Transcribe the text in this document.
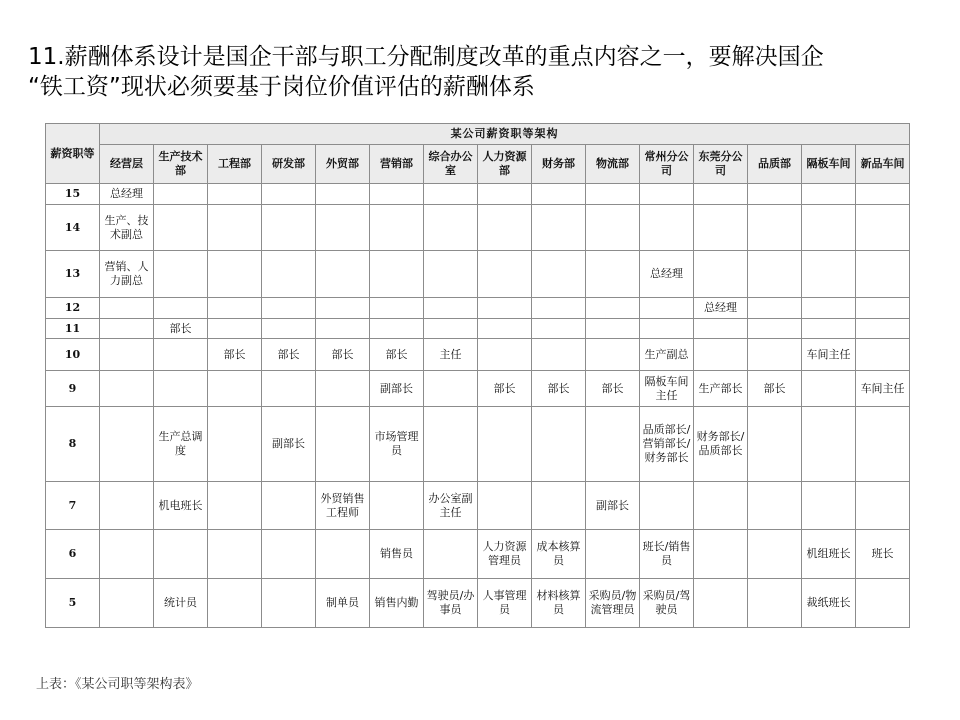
11.薪酬体系设计是国企干部与职工分配制度改革的重点内容之一，要解决国企
“铁工资”现状必须要基于岗位价值评估的薪酬体系
薪资职等	某公司薪资职等架构														
	经营层	生产技术部	工程部	研发部	外贸部	营销部	综合办公室	人力资源部	财务部	物流部	常州分公司	东莞分公司	品质部	隔板车间	新品车间
15	总经理														
14	生产、技术副总														
13	营销、人力副总										总经理				
12												总经理			
11		部长													
10			部长	部长	部长	部长	主任				生产副总			车间主任	
9						副部长		部长	部长	部长	隔板车间主任	生产部长	部长		车间主任
8		生产总调度		副部长		市场管理员					品质部长/营销部长/财务部长	财务部长/品质部长			
7		机电班长			外贸销售工程师		办公室副主任			副部长					
6						销售员		人力资源管理员	成本核算员		班长/销售员			机组班长	班长
5		统计员			制单员	销售内勤	驾驶员/办事员	人事管理员	材料核算员	采购员/物流管理员	采购员/驾驶员			裁纸班长	
上表：《某公司职等架构表》
